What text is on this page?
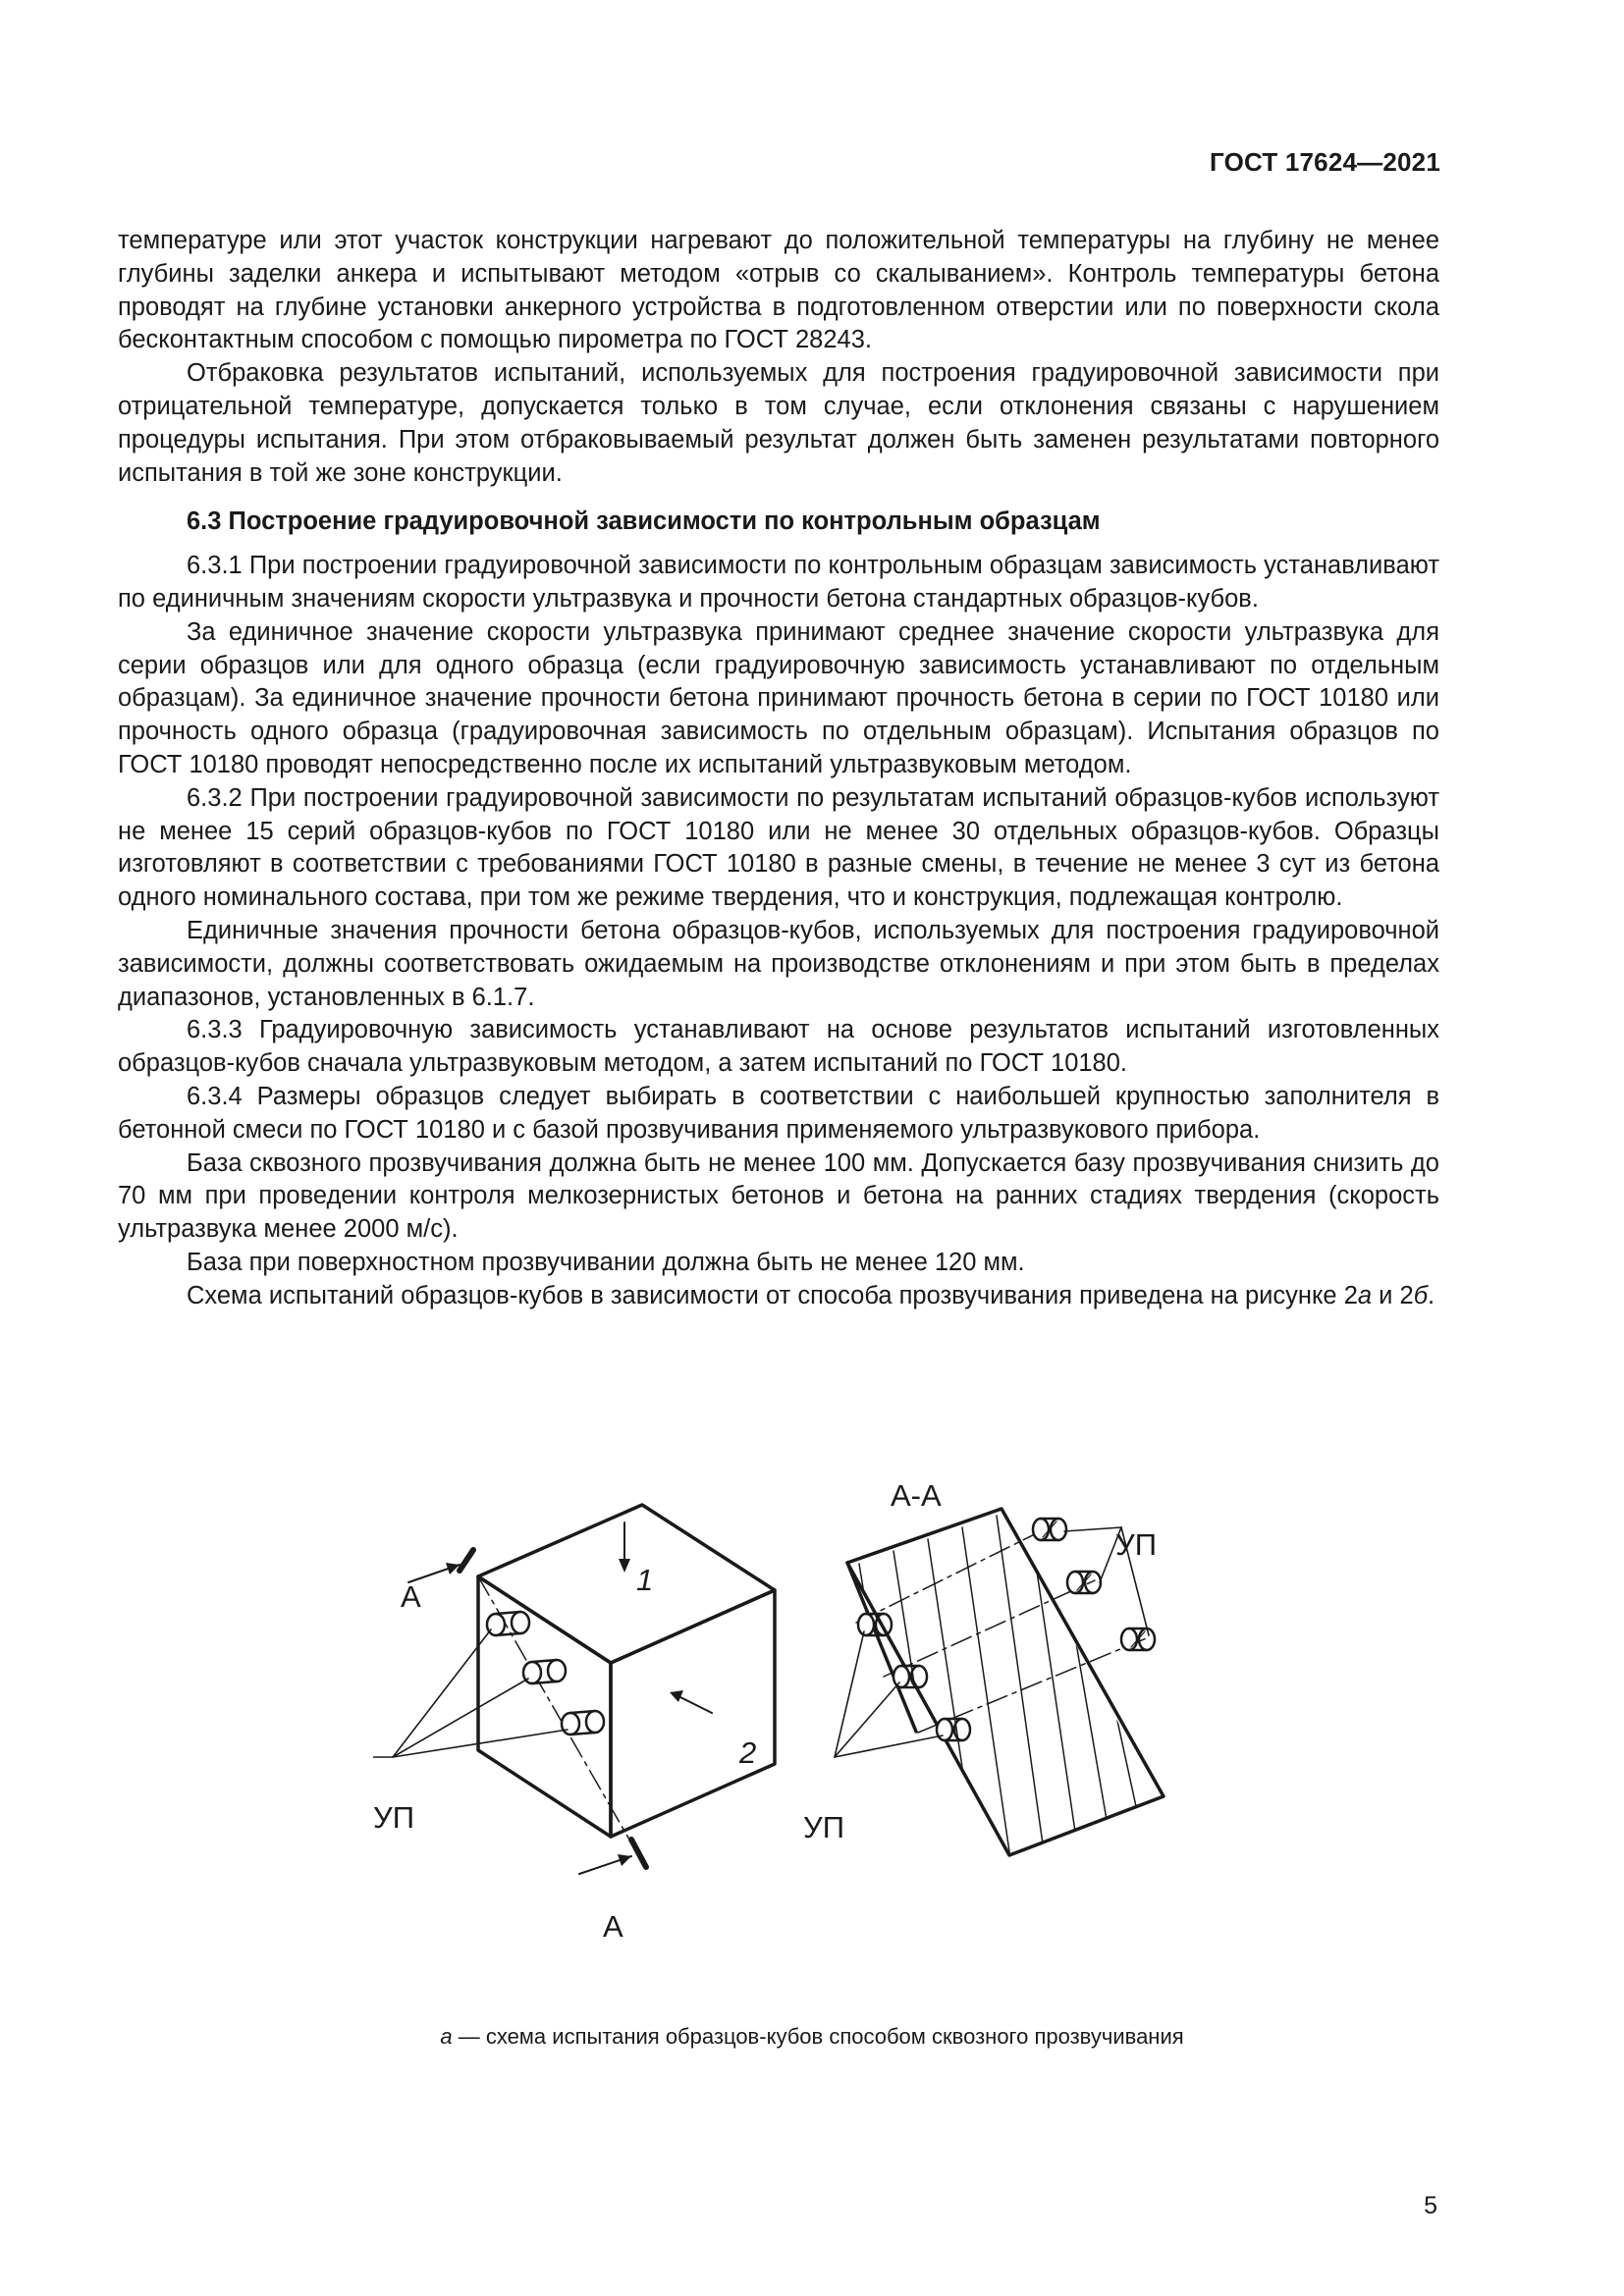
ГОСТ 17624—2021

температуре или этот участок конструкции нагревают до положительной температуры на глубину не менее глубины заделки анкера и испытывают методом «отрыв со скалыванием». Контроль температуры бетона проводят на глубине установки анкерного устройства в подготовленном отверстии или по поверхности скола бесконтактным способом с помощью пирометра по ГОСТ 28243.

Отбраковка результатов испытаний, используемых для построения градуировочной зависимости при отрицательной температуре, допускается только в том случае, если отклонения связаны с нарушением процедуры испытания. При этом отбраковываемый результат должен быть заменен результатами повторного испытания в той же зоне конструкции.

6.3 Построение градуировочной зависимости по контрольным образцам

6.3.1 При построении градуировочной зависимости по контрольным образцам зависимость устанавливают по единичным значениям скорости ультразвука и прочности бетона стандартных образцов-кубов.

За единичное значение скорости ультразвука принимают среднее значение скорости ультразвука для серии образцов или для одного образца (если градуировочную зависимость устанавливают по отдельным образцам). За единичное значение прочности бетона принимают прочность бетона в серии по ГОСТ 10180 или прочность одного образца (градуировочная зависимость по отдельным образцам). Испытания образцов по ГОСТ 10180 проводят непосредственно после их испытаний ультразвуковым методом.

6.3.2 При построении градуировочной зависимости по результатам испытаний образцов-кубов используют не менее 15 серий образцов-кубов по ГОСТ 10180 или не менее 30 отдельных образцов-кубов. Образцы изготовляют в соответствии с требованиями ГОСТ 10180 в разные смены, в течение не менее 3 сут из бетона одного номинального состава, при том же режиме твердения, что и конструкция, подлежащая контролю.

Единичные значения прочности бетона образцов-кубов, используемых для построения градуировочной зависимости, должны соответствовать ожидаемым на производстве отклонениям и при этом быть в пределах диапазонов, установленных в 6.1.7.

6.3.3 Градуировочную зависимость устанавливают на основе результатов испытаний изготовленных образцов-кубов сначала ультразвуковым методом, а затем испытаний по ГОСТ 10180.

6.3.4 Размеры образцов следует выбирать в соответствии с наибольшей крупностью заполнителя в бетонной смеси по ГОСТ 10180 и с базой прозвучивания применяемого ультразвукового прибора.

База сквозного прозвучивания должна быть не менее 100 мм. Допускается базу прозвучивания снизить до 70 мм при проведении контроля мелкозернистых бетонов и бетона на ранних стадиях твердения (скорость ультразвука менее 2000 м/с).

База при поверхностном прозвучивании должна быть не менее 120 мм.

Схема испытаний образцов-кубов в зависимости от способа прозвучивания приведена на рисунке 2а и 2б.

А-А
А
А
1
2
УП
УП
УП
а — схема испытания образцов-кубов способом сквозного прозвучивания
5
